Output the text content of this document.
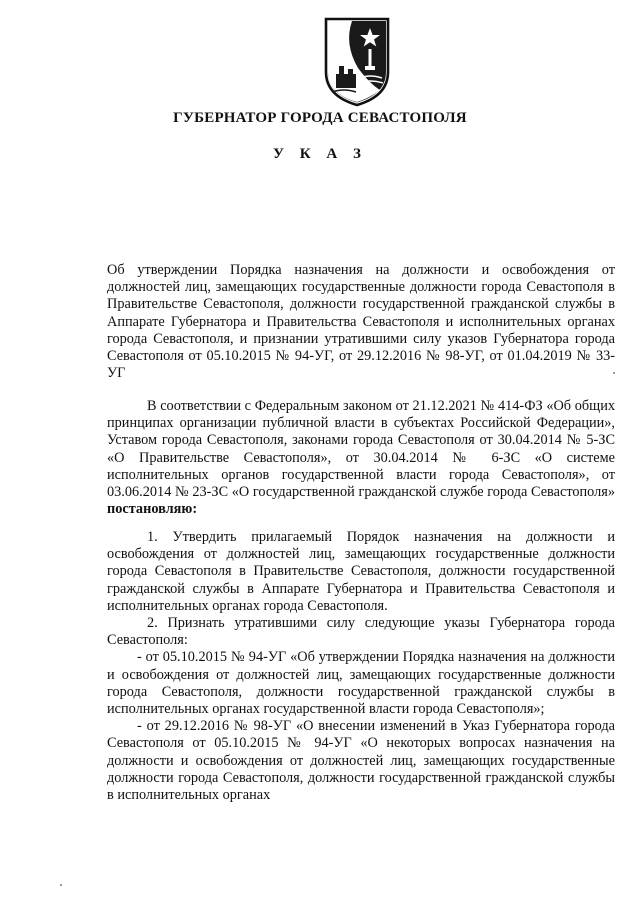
ГУБЕРНАТОР ГОРОДА СЕВАСТОПОЛЯ
У К А З
Об утверждении Порядка назначения на должности и освобождения от должностей лиц, замещающих государственные должности города Севастополя в Правительстве Севастополя, должности государственной гражданской службы в Аппарате Губернатора и Правительства Севастополя и исполнительных органах города Севастополя, и признании утратившими силу указов Губернатора города Севастополя от 05.10.2015 № 94-УГ, от 29.12.2016 № 98-УГ, от 01.04.2019 № 33-УГ
В соответствии с Федеральным законом от 21.12.2021 № 414-ФЗ «Об общих принципах организации публичной власти в субъектах Российской Федерации», Уставом города Севастополя, законами города Севастополя от 30.04.2014 № 5-ЗС «О Правительстве Севастополя», от 30.04.2014 № 6-ЗС «О системе исполнительных органов государственной власти города Севастополя», от 03.06.2014 № 23-ЗС «О государственной гражданской службе города Севастополя» постановляю:

1. Утвердить прилагаемый Порядок назначения на должности и освобождения от должностей лиц, замещающих государственные должности города Севастополя в Правительстве Севастополя, должности государственной гражданской службы в Аппарате Губернатора и Правительства Севастополя и исполнительных органах города Севастополя.

2. Признать утратившими силу следующие указы Губернатора города Севастополя:

- от 05.10.2015 № 94-УГ «Об утверждении Порядка назначения на должности и освобождения от должностей лиц, замещающих государственные должности города Севастополя, должности государственной гражданской службы в исполнительных органах государственной власти города Севастополя»;

- от 29.12.2016 № 98-УГ «О внесении изменений в Указ Губернатора города Севастополя от 05.10.2015 № 94-УГ «О некоторых вопросах назначения на должности и освобождения от должностей лиц, замещающих государственные должности города Севастополя, должности государственной гражданской службы в исполнительных органах
